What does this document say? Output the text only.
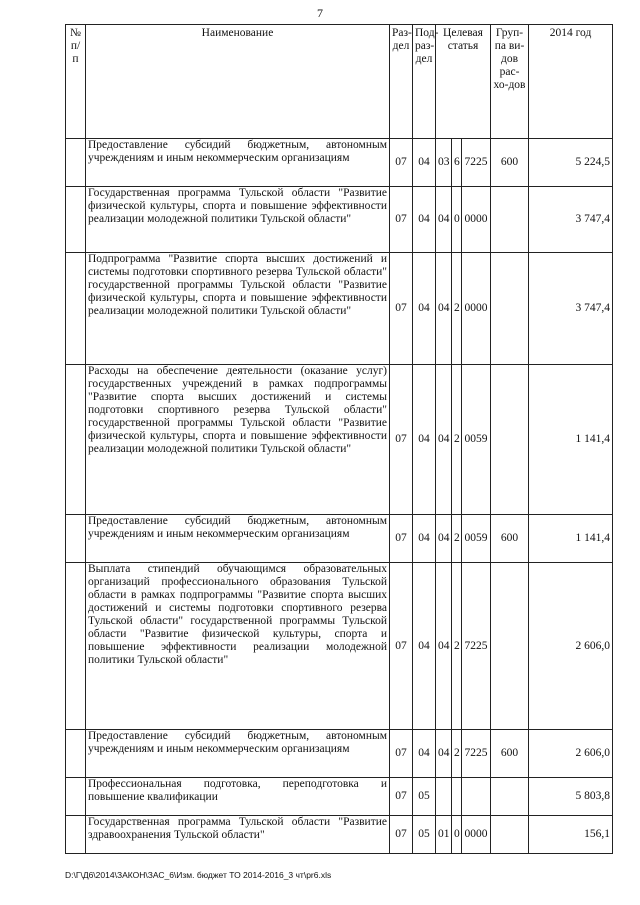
7
№ п/п	Наименование	Раз-дел	Под-раз-дел	Целевая статья			Груп-па ви-дов рас-хо-дов	2014 год
	Предоставление субсидий бюджетным, автономным учреждениям и иным некоммерческим организациям	07	04	03	6	7225	600	5 224,5
	Государственная программа Тульской области "Развитие физической культуры, спорта и повышение эффективности реализации молодежной политики Тульской области"	07	04	04	0	0000		3 747,4
	Подпрограмма "Развитие спорта высших достижений и системы подготовки спортивного резерва Тульской области" государственной программы Тульской области "Развитие физической культуры, спорта и повышение эффективности реализации молодежной политики Тульской области"	07	04	04	2	0000		3 747,4
	Расходы на обеспечение деятельности (оказание услуг) государственных учреждений в рамках подпрограммы "Развитие спорта высших достижений и системы подготовки спортивного резерва Тульской области" государственной программы Тульской области "Развитие физической культуры, спорта и повышение эффективности реализации молодежной политики Тульской области"	07	04	04	2	0059		1 141,4
	Предоставление субсидий бюджетным, автономным учреждениям и иным некоммерческим организациям	07	04	04	2	0059	600	1 141,4
	Выплата стипендий обучающимся образовательных организаций профессионального образования Тульской области в рамках подпрограммы "Развитие спорта высших достижений и системы подготовки спортивного резерва Тульской области" государственной программы Тульской области "Развитие физической культуры, спорта и повышение эффективности реализации молодежной политики Тульской области"	07	04	04	2	7225		2 606,0
	Предоставление субсидий бюджетным, автономным учреждениям и иным некоммерческим организациям	07	04	04	2	7225	600	2 606,0
	Профессиональная подготовка, переподготовка и повышение квалификации	07	05					5 803,8
	Государственная программа Тульской области "Развитие здравоохранения Тульской области"	07	05	01	0	0000		156,1
D:\Г\Д6\2014\ЗАКОН\ЗАС_6\Изм. бюджет ТО 2014-2016_3 чт\pr6.xls
